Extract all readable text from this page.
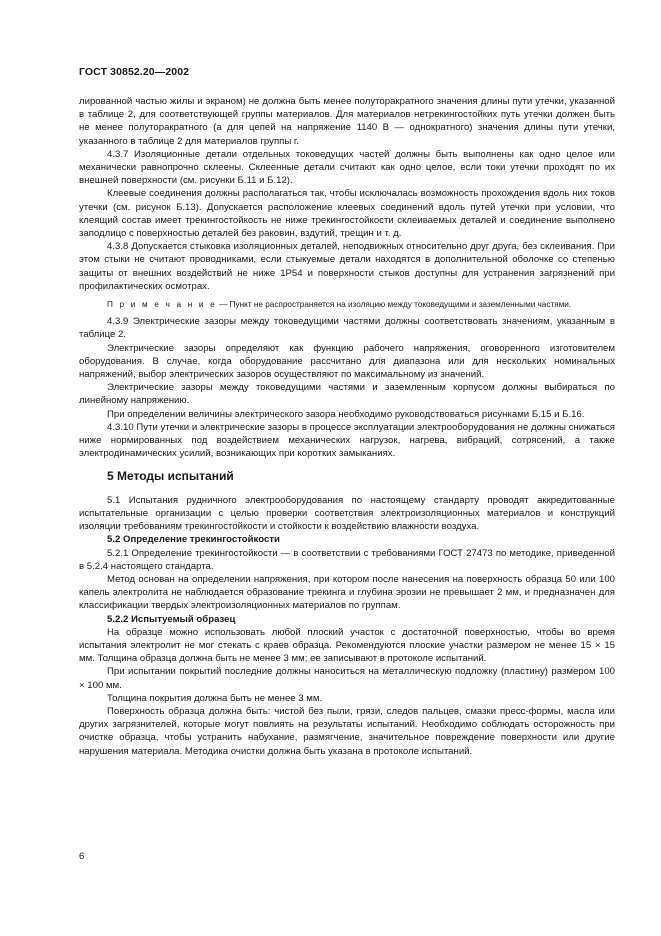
ГОСТ 30852.20—2002

лированной частью жилы и экраном) не должна быть менее полуторакратного значения длины пути утечки, указанной в таблице 2, для соответствующей группы материалов. Для материалов нетрекингостойких путь утечки должен быть не менее полуторакратного (а для цепей на напряжение 1140 В — однократного) значения длины пути утечки, указанного в таблице 2 для материалов группы г.

4.3.7 Изоляционные детали отдельных токоведущих частей должны быть выполнены как одно целое или механически равнопрочно склеены. Склеенные детали считают как одно целое, если токи утечки проходят по их внешней поверхности (см. рисунки Б.11 и Б.12).

Клеевые соединения должны располагаться так, чтобы исключалась возможность прохождения вдоль них токов утечки (см. рисунок Б.13). Допускается расположение клеевых соединений вдоль путей утечки при условии, что клеящий состав имеет трекингостойкость не ниже трекингостойкости склеиваемых деталей и соединение выполнено заподлицо с поверхностью деталей без раковин, вздутий, трещин и т. д.

4.3.8 Допускается стыковка изоляционных деталей, неподвижных относительно друг друга, без склеивания. При этом стыки не считают проводниками, если стыкуемые детали находятся в дополнительной оболочке со степенью защиты от внешних воздействий не ниже 1Р54 и поверхности стыков доступны для устранения загрязнений при профилактических осмотрах.

П р и м е ч а н и е — Пункт не распространяется на изоляцию между токоведущими и заземленными частями.

4.3.9 Электрические зазоры между токоведущими частями должны соответствовать значениям, указанным в таблице 2.

Электрические зазоры определяют как функцию рабочего напряжения, оговоренного изготовителем оборудования. В случае, когда оборудование рассчитано для диапазона или для нескольких номинальных напряжений, выбор электрических зазоров осуществляют по максимальному из значений.

Электрические зазоры между токоведущими частями и заземленным корпусом должны выбираться по линейному напряжению.

При определении величины электрического зазора необходимо руководствоваться рисунками Б.15 и Б.16.

4.3.10 Пути утечки и электрические зазоры в процессе эксплуатации электрооборудования не должны снижаться ниже нормированных под воздействием механических нагрузок, нагрева, вибраций, сотрясений, а также электродинамических усилий, возникающих при коротких замыканиях.

5 Методы испытаний

5.1 Испытания рудничного электрооборудования по настоящему стандарту проводят аккредитованные испытательные организации с целью проверки соответствия электроизоляционных материалов и конструкций изоляции требованиям трекингостойкости и стойкости к воздействию влажности воздуха.

5.2 Определение трекингостойкости

5.2.1 Определение трекингостойкости — в соответствии с требованиями ГОСТ 27473 по методике, приведенной в 5.2.4 настоящего стандарта.

Метод основан на определении напряжения, при котором после нанесения на поверхность образца 50 или 100 капель электролита не наблюдается образование трекинга и глубина эрозии не превышает 2 мм, и предназначен для классификации твердых электроизоляционных материалов по группам.

5.2.2 Испытуемый образец

На образце можно использовать любой плоский участок с достаточной поверхностью, чтобы во время испытания электролит не мог стекать с краев образца. Рекомендуются плоские участки размером не менее 15 × 15 мм. Толщина образца должна быть не менее 3 мм; ее записывают в протоколе испытаний.

При испытании покрытий последние должны наноситься на металлическую подложку (пластину) размером 100 × 100 мм.

Толщина покрытия должна быть не менее 3 мм.

Поверхность образца должна быть: чистой без пыли, грязи, следов пальцев, смазки пресс-формы, масла или других загрязнителей, которые могут повлиять на результаты испытаний. Необходимо соблюдать осторожность при очистке образца, чтобы устранить набухание, размягчение, значительное повреждение поверхности или другие нарушения материала. Методика очистки должна быть указана в протоколе испытаний.

6
